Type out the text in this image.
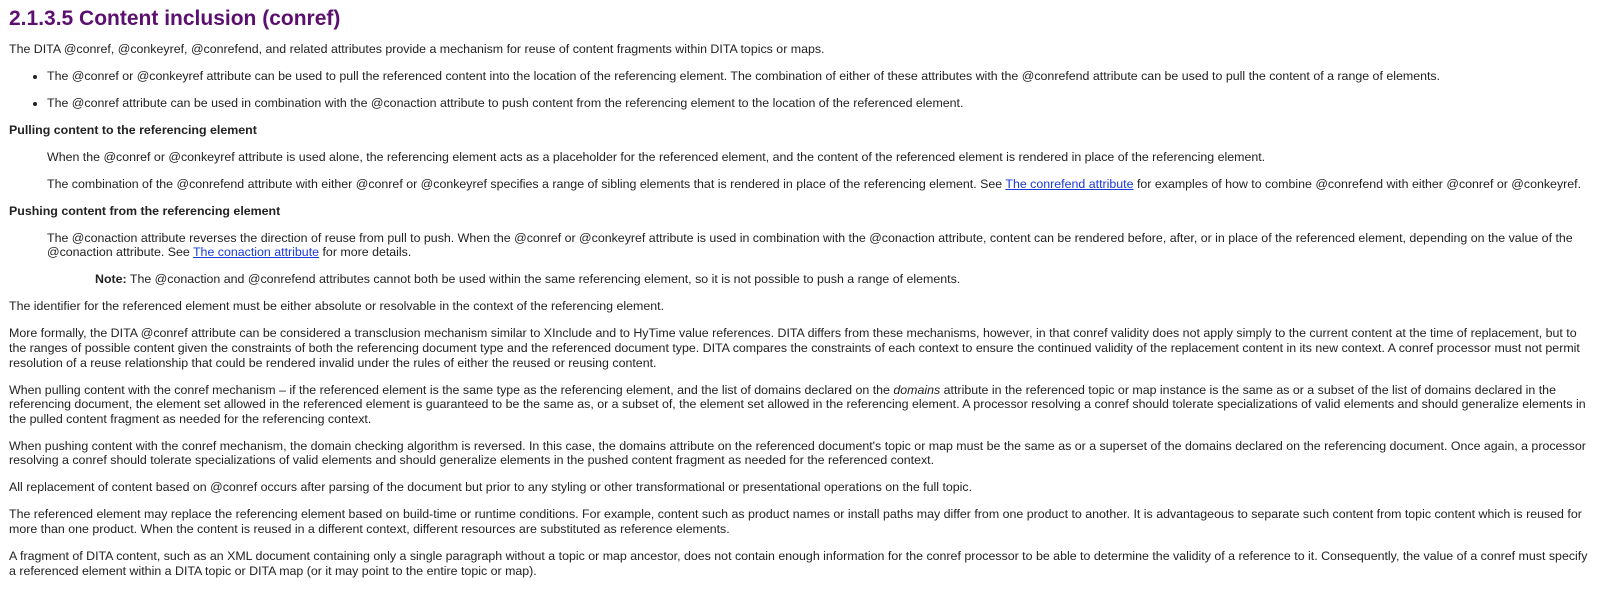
2.1.3.5 Content inclusion (conref)

The DITA @conref, @conkeyref, @conrefend, and related attributes provide a mechanism for reuse of content fragments within DITA topics or maps.

• The @conref or @conkeyref attribute can be used to pull the referenced content into the location of the referencing element. The combination of either of these attributes with the @conrefend attribute can be used to pull the content of a range of elements.
• The @conref attribute can be used in combination with the @conaction attribute to push content from the referencing element to the location of the referenced element.
Pulling content to the referencing element

When the @conref or @conkeyref attribute is used alone, the referencing element acts as a placeholder for the referenced element, and the content of the referenced element is rendered in place of the referencing element.

The combination of the @conrefend attribute with either @conref or @conkeyref specifies a range of sibling elements that is rendered in place of the referencing element. See The conrefend attribute for examples of how to combine @conrefend with either @conref or @conkeyref.

Pushing content from the referencing element

The @conaction attribute reverses the direction of reuse from pull to push. When the @conref or @conkeyref attribute is used in combination with the @conaction attribute, content can be rendered before, after, or in place of the referenced element, depending on the value of the @conaction attribute. See The conaction attribute for more details.

Note: The @conaction and @conrefend attributes cannot both be used within the same referencing element, so it is not possible to push a range of elements.

The identifier for the referenced element must be either absolute or resolvable in the context of the referencing element.

More formally, the DITA @conref attribute can be considered a transclusion mechanism similar to XInclude and to HyTime value references. DITA differs from these mechanisms, however, in that conref validity does not apply simply to the current content at the time of replacement, but to the ranges of possible content given the constraints of both the referencing document type and the referenced document type. DITA compares the constraints of each context to ensure the continued validity of the replacement content in its new context. A conref processor must not permit resolution of a reuse relationship that could be rendered invalid under the rules of either the reused or reusing content.

When pulling content with the conref mechanism – if the referenced element is the same type as the referencing element, and the list of domains declared on the domains attribute in the referenced topic or map instance is the same as or a subset of the list of domains declared in the referencing document, the element set allowed in the referenced element is guaranteed to be the same as, or a subset of, the element set allowed in the referencing element. A processor resolving a conref should tolerate specializations of valid elements and should generalize elements in the pulled content fragment as needed for the referencing context.

When pushing content with the conref mechanism, the domain checking algorithm is reversed. In this case, the domains attribute on the referenced document's topic or map must be the same as or a superset of the domains declared on the referencing document. Once again, a processor resolving a conref should tolerate specializations of valid elements and should generalize elements in the pushed content fragment as needed for the referenced context.

All replacement of content based on @conref occurs after parsing of the document but prior to any styling or other transformational or presentational operations on the full topic.

The referenced element may replace the referencing element based on build-time or runtime conditions. For example, content such as product names or install paths may differ from one product to another. It is advantageous to separate such content from topic content which is reused for more than one product. When the content is reused in a different context, different resources are substituted as reference elements.

A fragment of DITA content, such as an XML document containing only a single paragraph without a topic or map ancestor, does not contain enough information for the conref processor to be able to determine the validity of a reference to it. Consequently, the value of a conref must specify a referenced element within a DITA topic or DITA map (or it may point to the entire topic or map).
